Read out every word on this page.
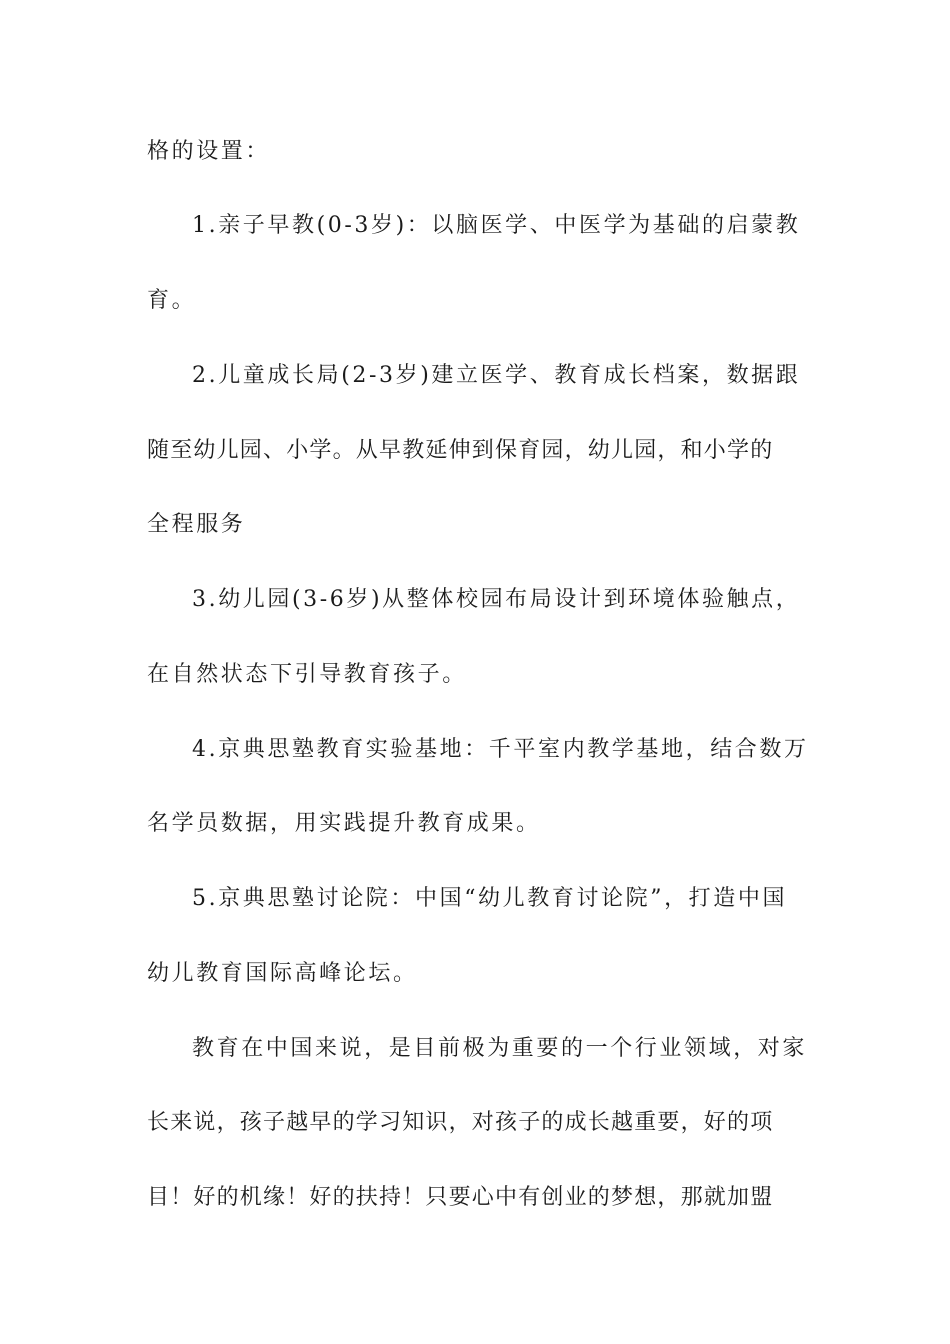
格的设置：
1.亲子早教(0-3岁)：以脑医学、中医学为基础的启蒙教
育。
2.儿童成长局(2-3岁)建立医学、教育成长档案，数据跟
随至幼儿园、小学。从早教延伸到保育园，幼儿园，和小学的
全程服务
3.幼儿园(3-6岁)从整体校园布局设计到环境体验触点，
在自然状态下引导教育孩子。
4.京典思塾教育实验基地：千平室内教学基地，结合数万
名学员数据，用实践提升教育成果。
5.京典思塾讨论院：中国“幼儿教育讨论院”，打造中国
幼儿教育国际高峰论坛。
教育在中国来说，是目前极为重要的一个行业领域，对家
长来说，孩子越早的学习知识，对孩子的成长越重要，好的项
目！好的机缘！好的扶持！只要心中有创业的梦想，那就加盟
